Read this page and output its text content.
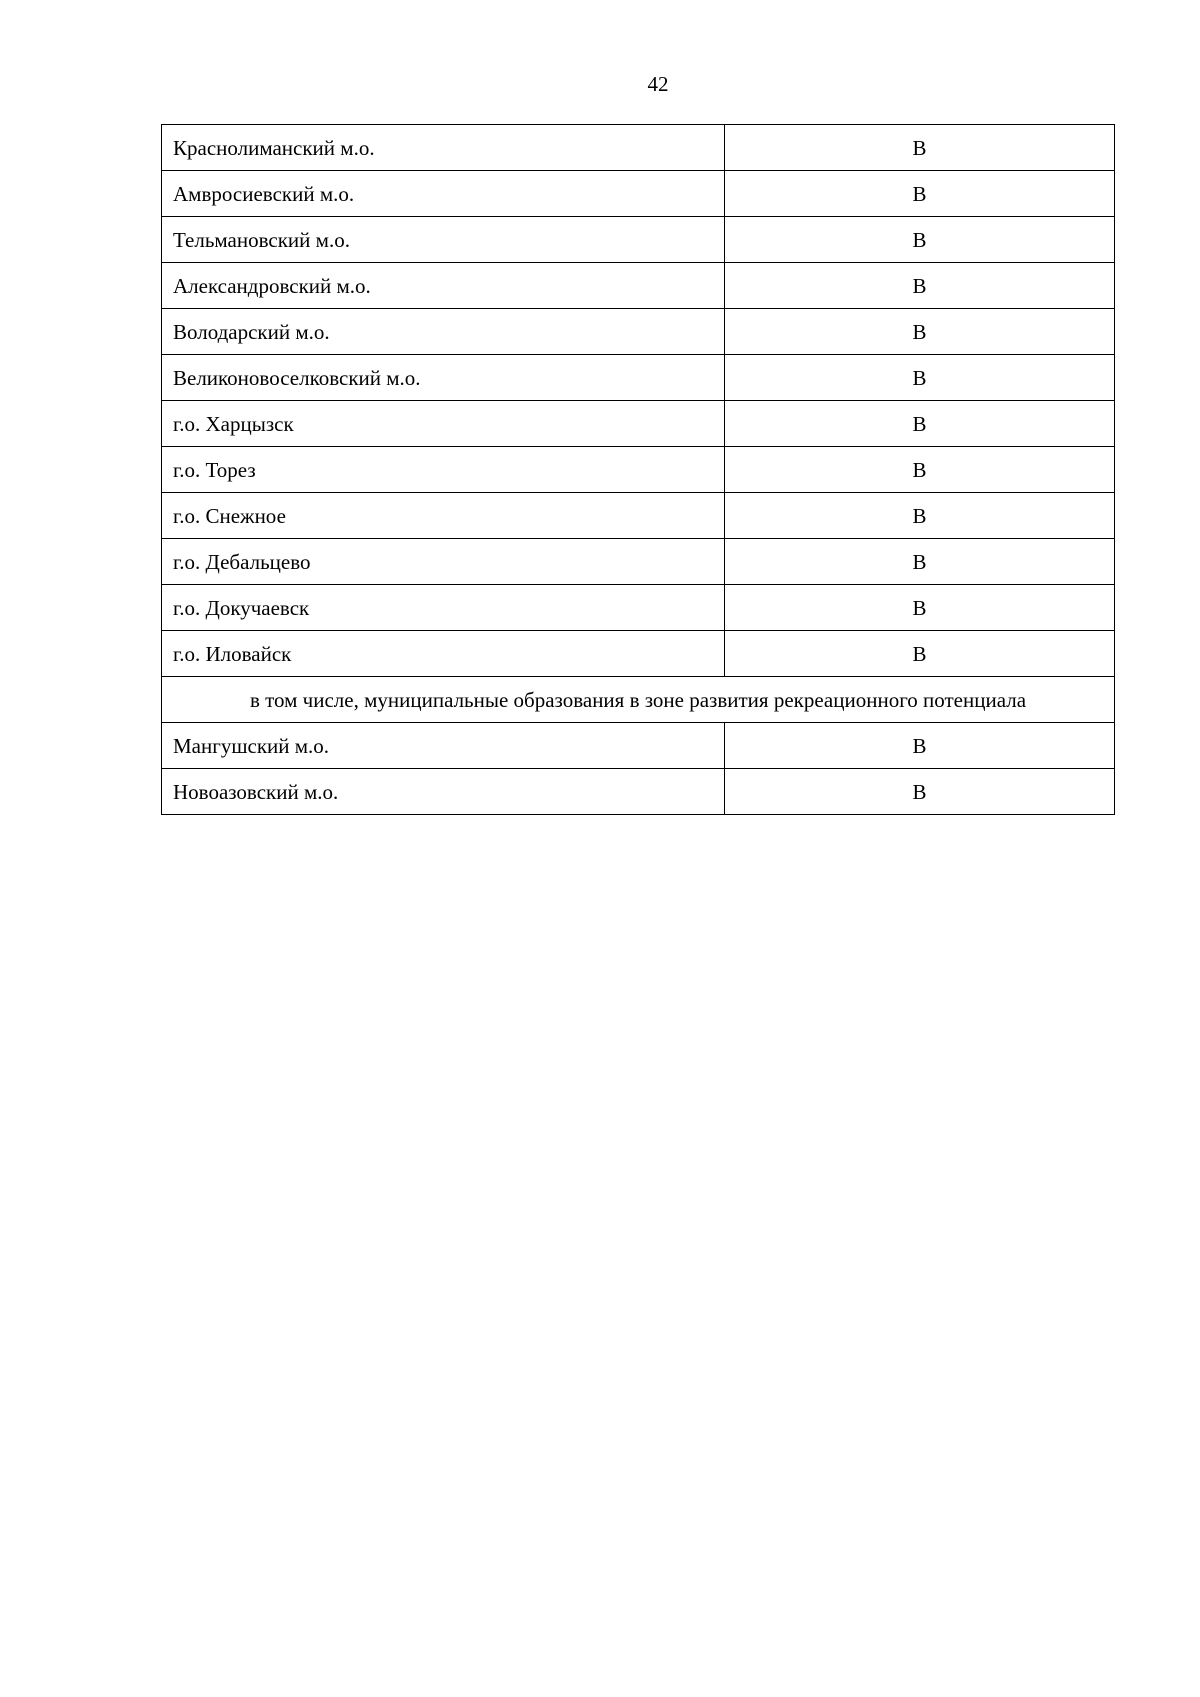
42
Краснолиманский м.о.	В
Амвросиевский м.о.	В
Тельмановский м.о.	В
Александровский м.о.	В
Володарский м.о.	В
Великоновоселковский м.о.	В
г.о. Харцызск	В
г.о. Торез	В
г.о. Снежное	В
г.о. Дебальцево	В
г.о. Докучаевск	В
г.о. Иловайск	В
в том числе, муниципальные образования в зоне развития рекреационного потенциала	
Мангушский м.о.	В
Новоазовский м.о.	В
